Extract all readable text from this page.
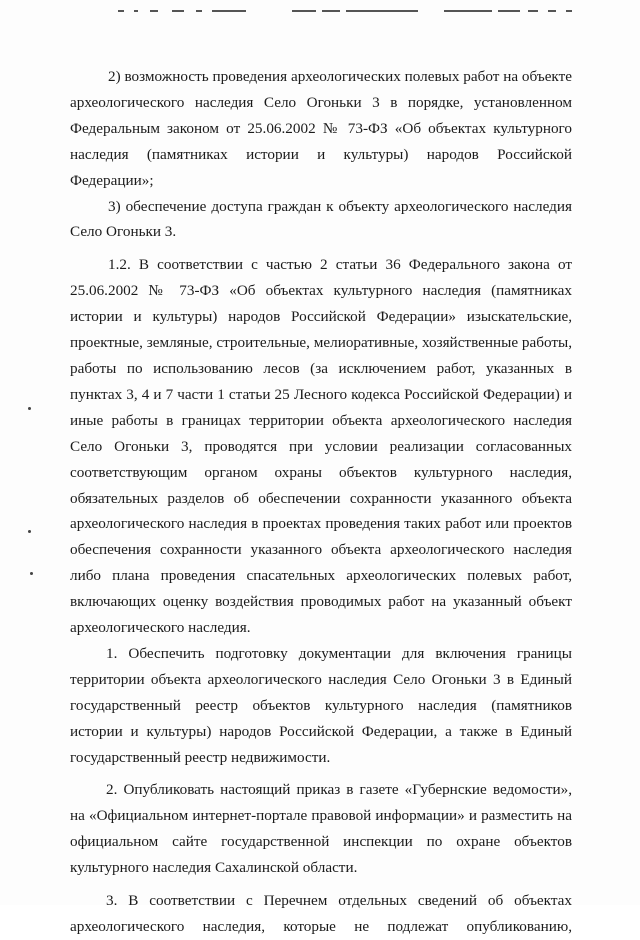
2) возможность проведения археологических полевых работ на объекте археологического наследия Село Огоньки 3 в порядке, установленном Федеральным законом от 25.06.2002 № 73-ФЗ «Об объектах культурного наследия (памятниках истории и культуры) народов Российской Федерации»;

3) обеспечение доступа граждан к объекту археологического наследия Село Огоньки 3.

1.2. В соответствии с частью 2 статьи 36 Федерального закона от 25.06.2002 № 73-ФЗ «Об объектах культурного наследия (памятниках истории и культуры) народов Российской Федерации» изыскательские, проектные, земляные, строительные, мелиоративные, хозяйственные работы, работы по использованию лесов (за исключением работ, указанных в пунктах 3, 4 и 7 части 1 статьи 25 Лесного кодекса Российской Федерации) и иные работы в границах территории объекта археологического наследия Село Огоньки 3, проводятся при условии реализации согласованных соответствующим органом охраны объектов культурного наследия, обязательных разделов об обеспечении сохранности указанного объекта археологического наследия в проектах проведения таких работ или проектов обеспечения сохранности указанного объекта археологического наследия либо плана проведения спасательных археологических полевых работ, включающих оценку воздействия проводимых работ на указанный объект археологического наследия.

1. Обеспечить подготовку документации для включения границы территории объекта археологического наследия Село Огоньки 3 в Единый государственный реестр объектов культурного наследия (памятников истории и культуры) народов Российской Федерации, а также в Единый государственный реестр недвижимости.

2. Опубликовать настоящий приказ в газете «Губернские ведомости», на «Официальном интернет-портале правовой информации» и разместить на официальном сайте государственной инспекции по охране объектов культурного наследия Сахалинской области.

3. В соответствии с Перечнем отдельных сведений об объектах археологического наследия, которые не подлежат опубликованию,
